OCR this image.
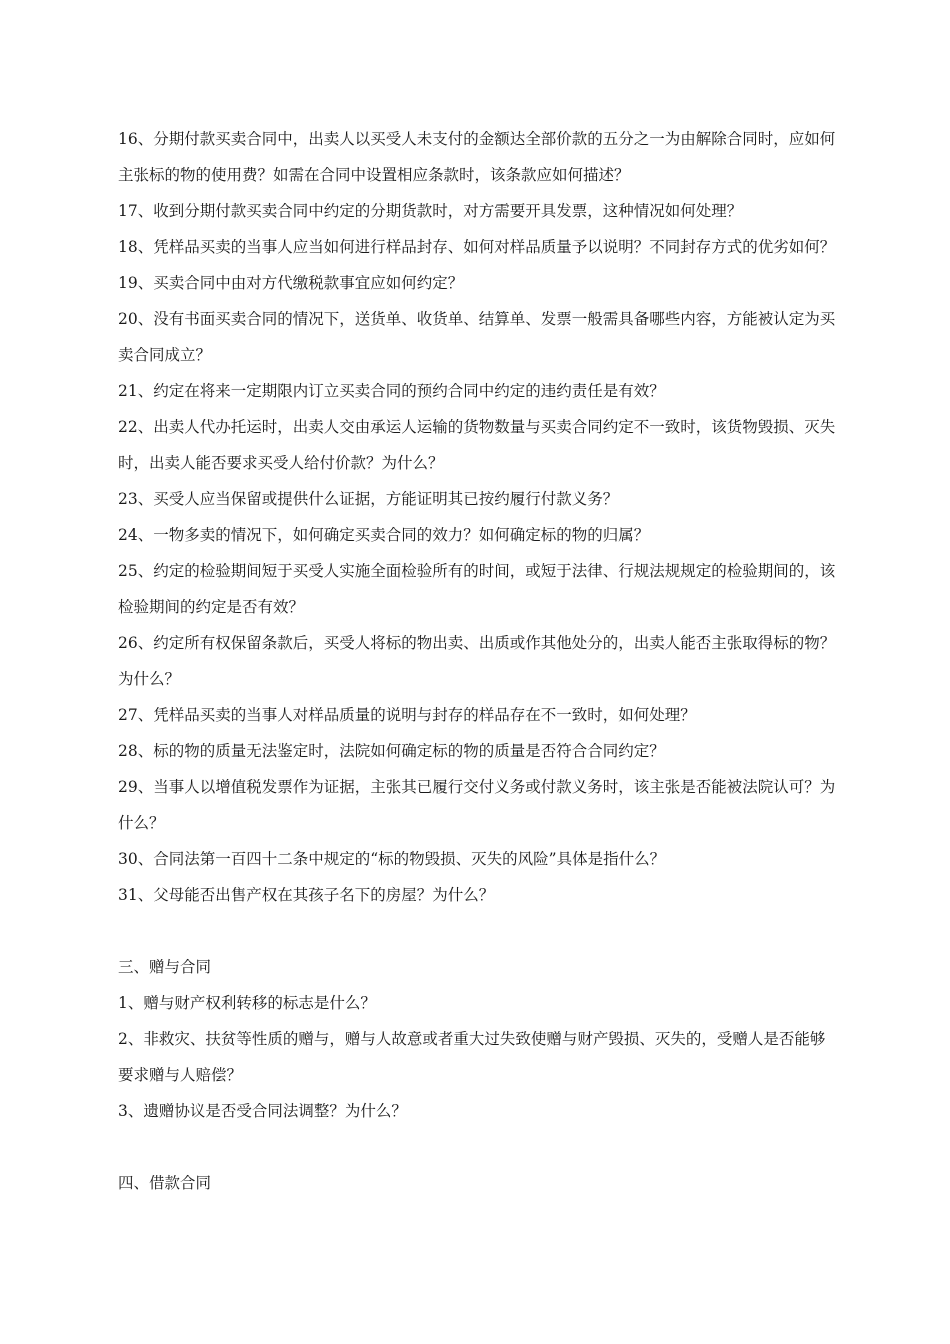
16、分期付款买卖合同中，出卖人以买受人未支付的金额达全部价款的五分之一为由解除合同时，应如何主张标的物的使用费？如需在合同中设置相应条款时，该条款应如何描述？

17、收到分期付款买卖合同中约定的分期货款时，对方需要开具发票，这种情况如何处理？

18、凭样品买卖的当事人应当如何进行样品封存、如何对样品质量予以说明？不同封存方式的优劣如何？

19、买卖合同中由对方代缴税款事宜应如何约定？

20、没有书面买卖合同的情况下，送货单、收货单、结算单、发票一般需具备哪些内容，方能被认定为买卖合同成立？

21、约定在将来一定期限内订立买卖合同的预约合同中约定的违约责任是有效？

22、出卖人代办托运时，出卖人交由承运人运输的货物数量与买卖合同约定不一致时，该货物毁损、灭失时，出卖人能否要求买受人给付价款？为什么？

23、买受人应当保留或提供什么证据，方能证明其已按约履行付款义务？

24、一物多卖的情况下，如何确定买卖合同的效力？如何确定标的物的归属？

25、约定的检验期间短于买受人实施全面检验所有的时间，或短于法律、行规法规规定的检验期间的，该检验期间的约定是否有效？

26、约定所有权保留条款后，买受人将标的物出卖、出质或作其他处分的，出卖人能否主张取得标的物？为什么？

27、凭样品买卖的当事人对样品质量的说明与封存的样品存在不一致时，如何处理？

28、标的物的质量无法鉴定时，法院如何确定标的物的质量是否符合合同约定？

29、当事人以增值税发票作为证据，主张其已履行交付义务或付款义务时，该主张是否能被法院认可？为什么？

30、合同法第一百四十二条中规定的“标的物毁损、灭失的风险”具体是指什么？

31、父母能否出售产权在其孩子名下的房屋？为什么？

三、赠与合同

1、赠与财产权利转移的标志是什么？

2、非救灾、扶贫等性质的赠与，赠与人故意或者重大过失致使赠与财产毁损、灭失的，受赠人是否能够要求赠与人赔偿？

3、遗赠协议是否受合同法调整？为什么？

四、借款合同
